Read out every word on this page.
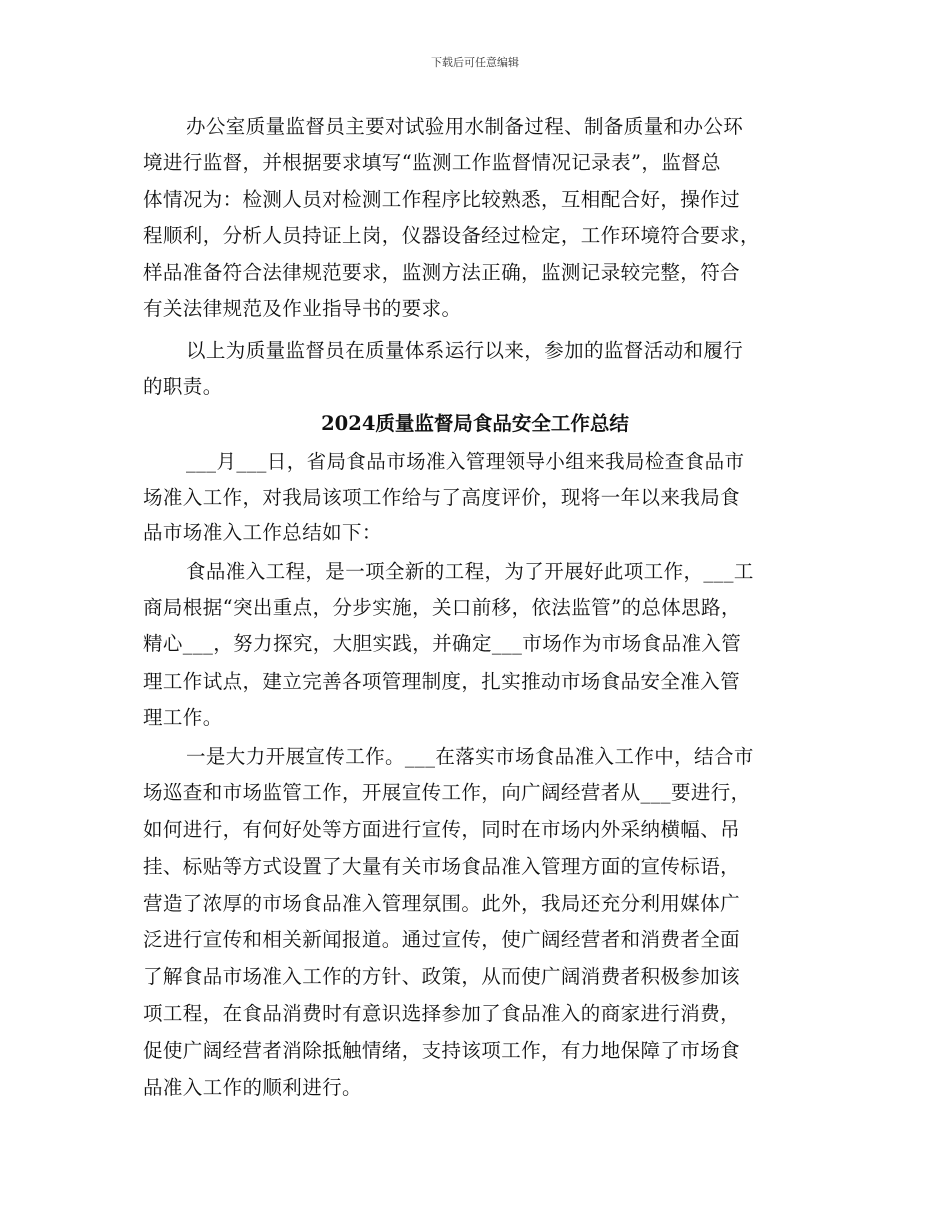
下载后可任意编辑
办公室质量监督员主要对试验用水制备过程、制备质量和办公环
境进行监督，并根据要求填写“监测工作监督情况记录表”，监督总
体情况为：检测人员对检测工作程序比较熟悉，互相配合好，操作过
程顺利，分析人员持证上岗，仪器设备经过检定，工作环境符合要求，
样品准备符合法律规范要求，监测方法正确，监测记录较完整，符合
有关法律规范及作业指导书的要求。
以上为质量监督员在质量体系运行以来，参加的监督活动和履行
的职责。
2024质量监督局食品安全工作总结
___月___日，省局食品市场准入管理领导小组来我局检查食品市
场准入工作，对我局该项工作给与了高度评价，现将一年以来我局食
品市场准入工作总结如下：
食品准入工程，是一项全新的工程，为了开展好此项工作，___工
商局根据“突出重点，分步实施，关口前移，依法监管”的总体思路，
精心___，努力探究，大胆实践，并确定___市场作为市场食品准入管
理工作试点，建立完善各项管理制度，扎实推动市场食品安全准入管
理工作。
一是大力开展宣传工作。___在落实市场食品准入工作中，结合市
场巡查和市场监管工作，开展宣传工作，向广阔经营者从___要进行，
如何进行，有何好处等方面进行宣传，同时在市场内外采纳横幅、吊
挂、标贴等方式设置了大量有关市场食品准入管理方面的宣传标语，
营造了浓厚的市场食品准入管理氛围。此外，我局还充分利用媒体广
泛进行宣传和相关新闻报道。通过宣传，使广阔经营者和消费者全面
了解食品市场准入工作的方针、政策，从而使广阔消费者积极参加该
项工程，在食品消费时有意识选择参加了食品准入的商家进行消费，
促使广阔经营者消除抵触情绪，支持该项工作，有力地保障了市场食
品准入工作的顺利进行。
